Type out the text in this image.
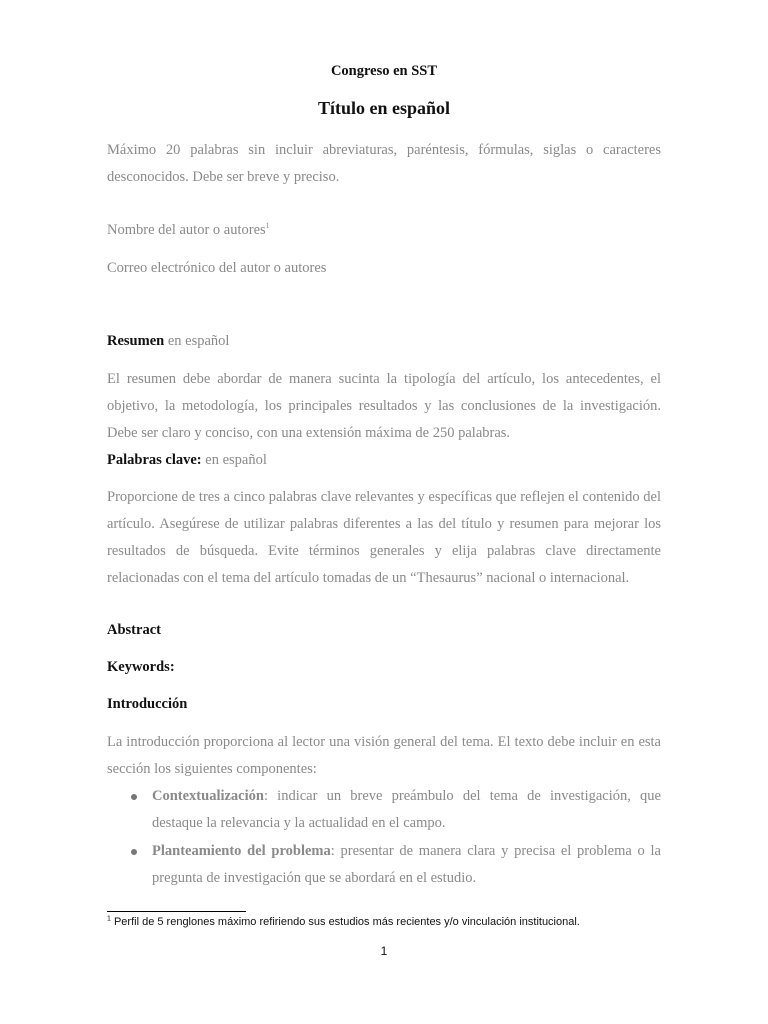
Congreso en SST
Título en español
Máximo 20 palabras sin incluir abreviaturas, paréntesis, fórmulas, siglas o caracteres desconocidos. Debe ser breve y preciso.
Nombre del autor o autores$^1$
Correo electrónico del autor o autores
Resumen en español
El resumen debe abordar de manera sucinta la tipología del artículo, los antecedentes, el objetivo, la metodología, los principales resultados y las conclusiones de la investigación. Debe ser claro y conciso, con una extensión máxima de 250 palabras.
Palabras clave: en español
Proporcione de tres a cinco palabras clave relevantes y específicas que reflejen el contenido del artículo. Asegúrese de utilizar palabras diferentes a las del título y resumen para mejorar los resultados de búsqueda. Evite términos generales y elija palabras clave directamente relacionadas con el tema del artículo tomadas de un “Thesaurus” nacional o internacional.
Abstract
Keywords:
Introducción
La introducción proporciona al lector una visión general del tema. El texto debe incluir en esta sección los siguientes componentes:
Contextualización: indicar un breve preámbulo del tema de investigación, que destaque la relevancia y la actualidad en el campo.
Planteamiento del problema: presentar de manera clara y precisa el problema o la pregunta de investigación que se abordará en el estudio.
$^1$ Perfil de 5 renglones máximo refiriendo sus estudios más recientes y/o vinculación institucional.
1
